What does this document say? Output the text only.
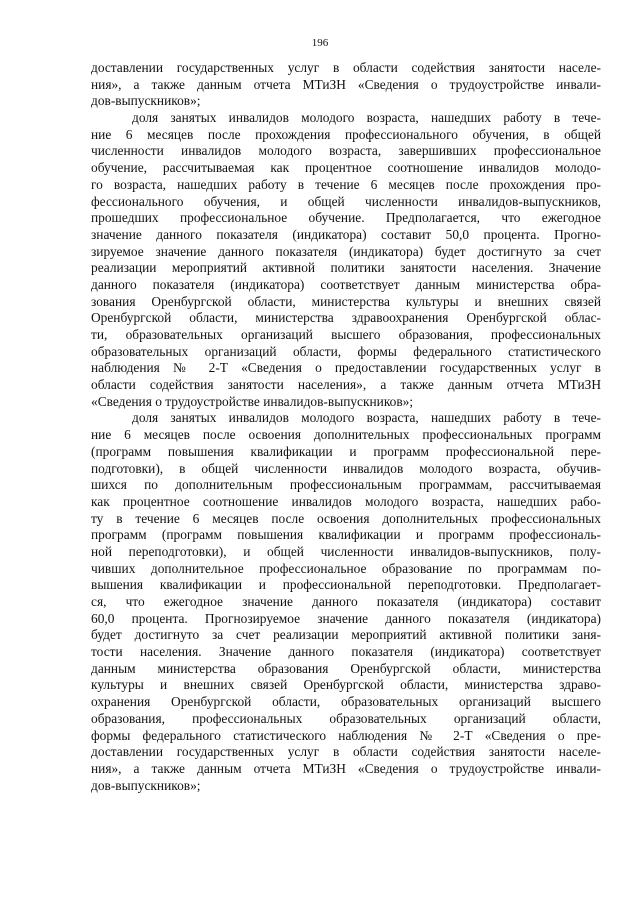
196
доставлении государственных услуг в области содействия занятости населе-
ния», а также данным отчета МТиЗН «Сведения о трудоустройстве инвали-
дов-выпускников»;
доля занятых инвалидов молодого возраста, нашедших работу в тече-
ние 6 месяцев после прохождения профессионального обучения, в общей
численности инвалидов молодого возраста, завершивших профессиональное
обучение, рассчитываемая как процентное соотношение инвалидов молодо-
го возраста, нашедших работу в течение 6 месяцев после прохождения про-
фессионального обучения, и общей численности инвалидов-выпускников,
прошедших профессиональное обучение. Предполагается, что ежегодное
значение данного показателя (индикатора) составит 50,0 процента. Прогно-
зируемое значение данного показателя (индикатора) будет достигнуто за счет
реализации мероприятий активной политики занятости населения. Значение
данного показателя (индикатора) соответствует данным министерства обра-
зования Оренбургской области, министерства культуры и внешних связей
Оренбургской области, министерства здравоохранения Оренбургской облас-
ти, образовательных организаций высшего образования, профессиональных
образовательных организаций области, формы федерального статистического
наблюдения № 2-Т «Сведения о предоставлении государственных услуг в
области содействия занятости населения», а также данным отчета МТиЗН
«Сведения о трудоустройстве инвалидов-выпускников»;
доля занятых инвалидов молодого возраста, нашедших работу в тече-
ние 6 месяцев после освоения дополнительных профессиональных программ
(программ повышения квалификации и программ профессиональной пере-
подготовки), в общей численности инвалидов молодого возраста, обучив-
шихся по дополнительным профессиональным программам, рассчитываемая
как процентное соотношение инвалидов молодого возраста, нашедших рабо-
ту в течение 6 месяцев после освоения дополнительных профессиональных
программ (программ повышения квалификации и программ профессиональ-
ной переподготовки), и общей численности инвалидов-выпускников, полу-
чивших дополнительное профессиональное образование по программам по-
вышения квалификации и профессиональной переподготовки. Предполагает-
ся, что ежегодное значение данного показателя (индикатора) составит
60,0 процента. Прогнозируемое значение данного показателя (индикатора)
будет достигнуто за счет реализации мероприятий активной политики заня-
тости населения. Значение данного показателя (индикатора) соответствует
данным министерства образования Оренбургской области, министерства
культуры и внешних связей Оренбургской области, министерства здраво-
охранения Оренбургской области, образовательных организаций высшего
образования, профессиональных образовательных организаций области,
формы федерального статистического наблюдения № 2-Т «Сведения о пре-
доставлении государственных услуг в области содействия занятости населе-
ния», а также данным отчета МТиЗН «Сведения о трудоустройстве инвали-
дов-выпускников»;
